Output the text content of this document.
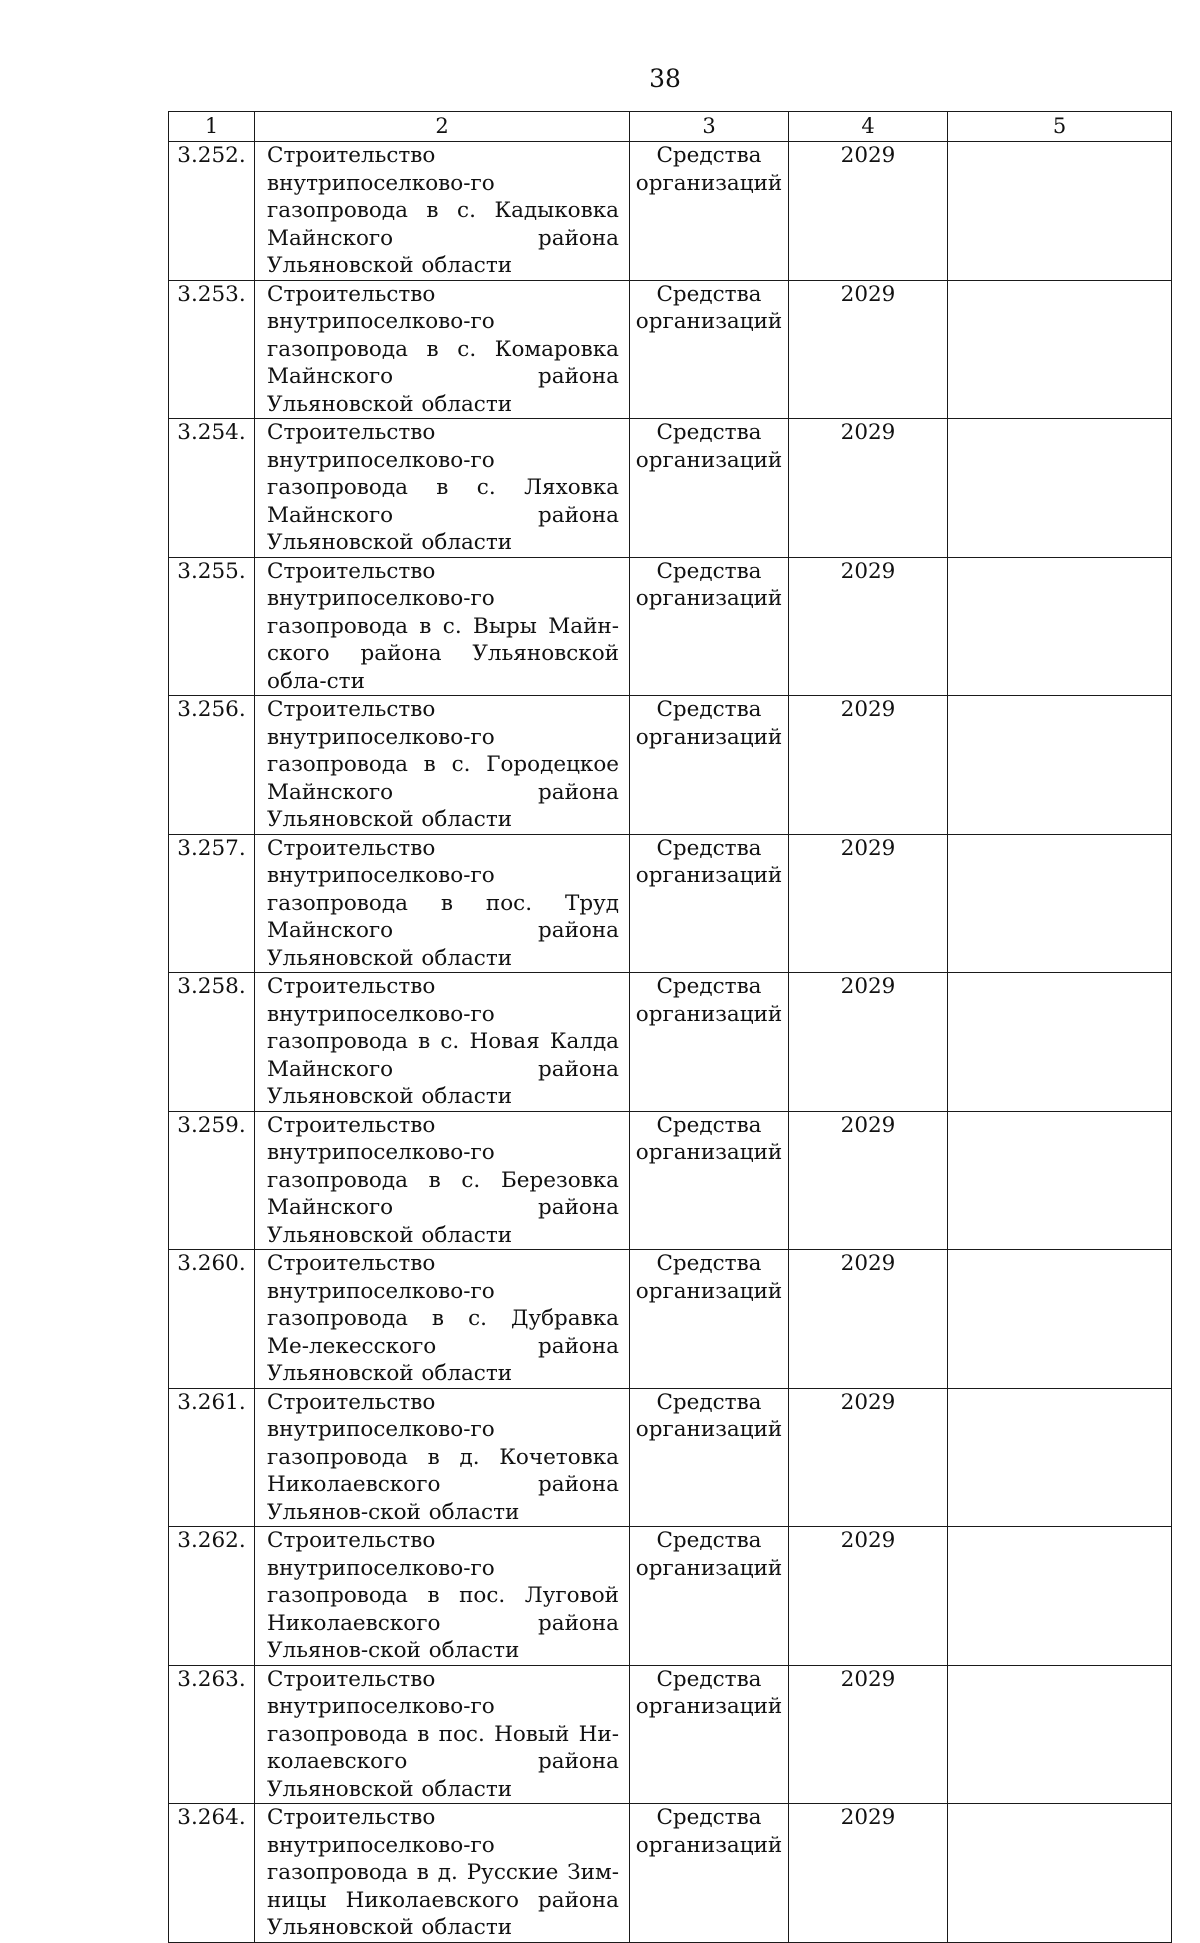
38
1	2	3	4	5
3.252.	Строительство внутрипоселково-го газопровода в с. Кадыковка Майнского района Ульяновской области	Средства организаций	2029	
3.253.	Строительство внутрипоселково-го газопровода в с. Комаровка Майнского района Ульяновской области	Средства организаций	2029	
3.254.	Строительство внутрипоселково-го газопровода в с. Ляховка Майнского района Ульяновской области	Средства организаций	2029	
3.255.	Строительство внутрипоселково-го газопровода в с. Выры Майн-ского района Ульяновской обла-сти	Средства организаций	2029	
3.256.	Строительство внутрипоселково-го газопровода в с. Городецкое Майнского района Ульяновской области	Средства организаций	2029	
3.257.	Строительство внутрипоселково-го газопровода в пос. Труд Майнского района Ульяновской области	Средства организаций	2029	
3.258.	Строительство внутрипоселково-го газопровода в с. Новая Калда Майнского района Ульяновской области	Средства организаций	2029	
3.259.	Строительство внутрипоселково-го газопровода в с. Березовка Майнского района Ульяновской области	Средства организаций	2029	
3.260.	Строительство внутрипоселково-го газопровода в с. Дубравка Ме-лекесского района Ульяновской области	Средства организаций	2029	
3.261.	Строительство внутрипоселково-го газопровода в д. Кочетовка Николаевского района Ульянов-ской области	Средства организаций	2029	
3.262.	Строительство внутрипоселково-го газопровода в пос. Луговой Николаевского района Ульянов-ской области	Средства организаций	2029	
3.263.	Строительство внутрипоселково-го газопровода в пос. Новый Ни-колаевского района Ульяновской области	Средства организаций	2029	
3.264.	Строительство внутрипоселково-го газопровода в д. Русские Зим-ницы Николаевского района Ульяновской области	Средства организаций	2029	
